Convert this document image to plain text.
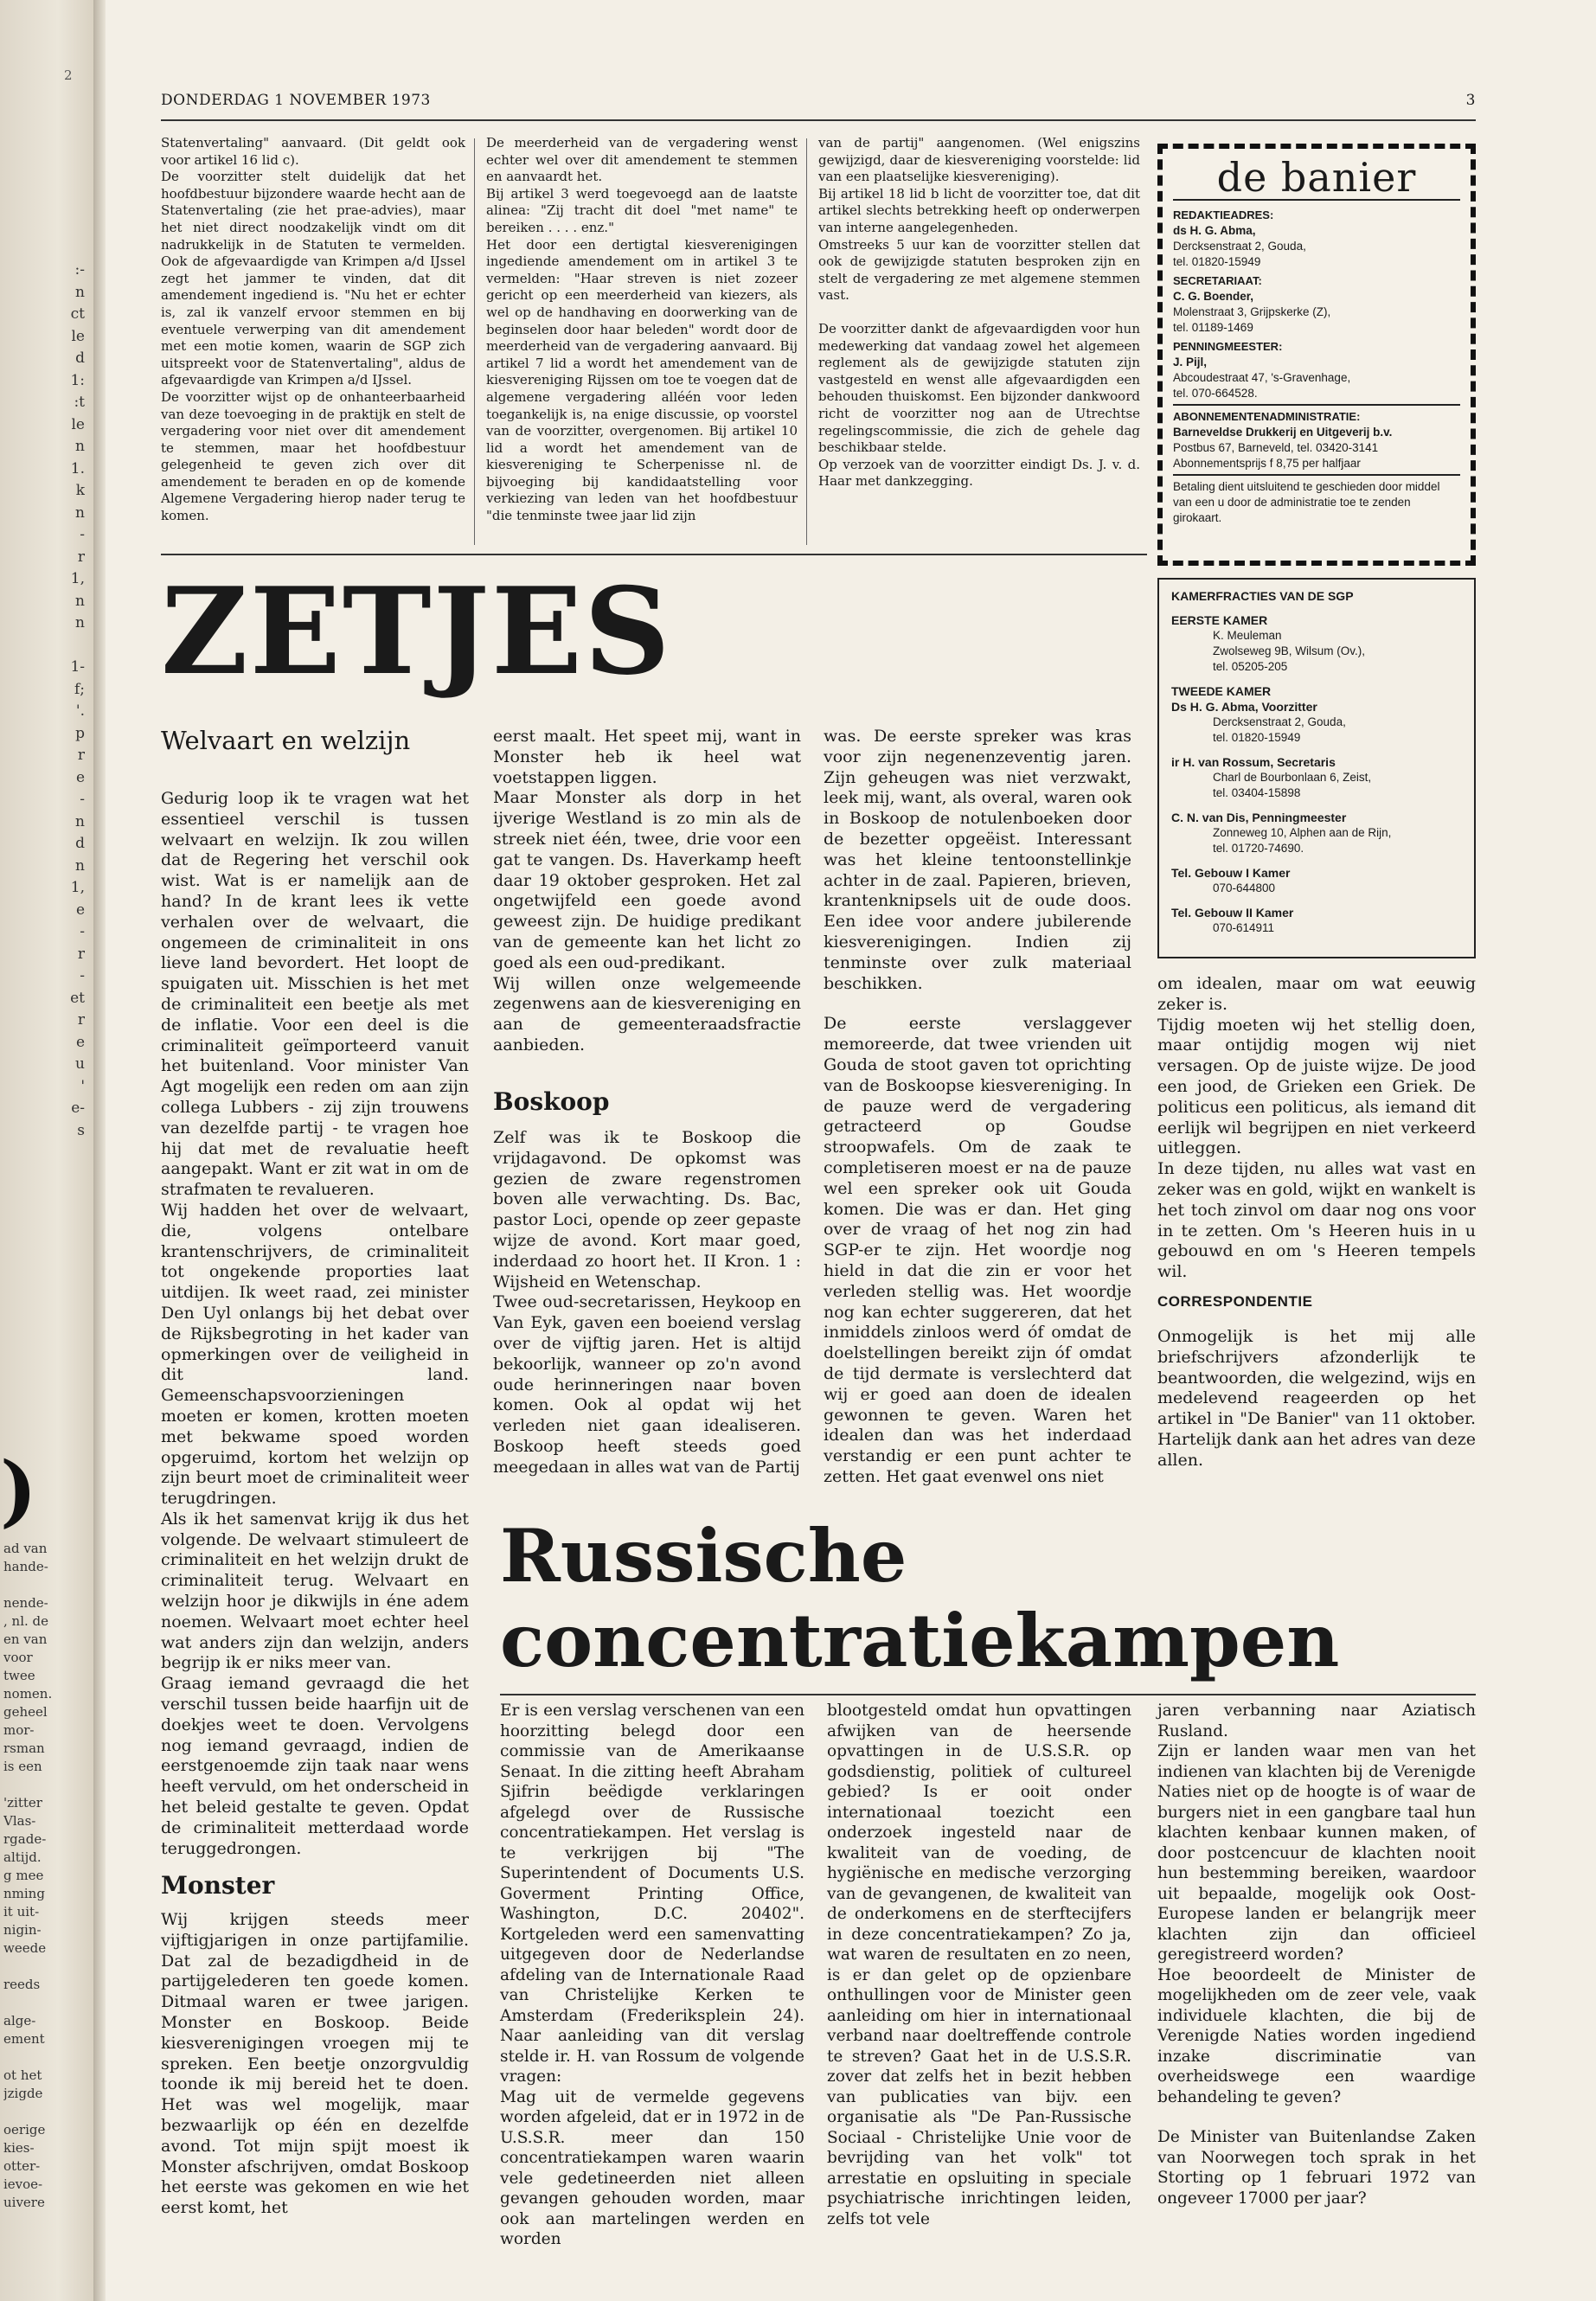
2
:-
n
ct
le
d
1:
:t
le
n
1.
k
n
-
r
1,
n
n

1-
f;
'.
p
r
e
-
n
d
n
1,
e
-
r
-
et
r
e
u
'
e-
s
)
ad van
hande-

nende-
, nl. de
en van
voor
twee
nomen.
geheel
mor-
rsman
is een

'zitter
Vlas-
rgade-
altijd.
g mee
nming
it uit-
nigin-
weede

reeds

alge-
ement

ot het
jzigde

oerige
kies-
otter-
ievoe-
uivere
DONDERDAG 1 NOVEMBER 1973	3

Statenvertaling" aanvaard. (Dit geldt ook voor artikel 16 lid c).

De voorzitter stelt duidelijk dat het hoofdbestuur bijzondere waarde hecht aan de Statenvertaling (zie het prae-advies), maar het niet direct noodzakelijk vindt om dit nadrukkelijk in de Statuten te vermelden. Ook de afgevaardigde van Krimpen a/d IJssel zegt het jammer te vinden, dat dit amendement ingediend is. "Nu het er echter is, zal ik vanzelf ervoor stemmen en bij eventuele verwerping van dit amendement met een motie komen, waarin de SGP zich uitspreekt voor de Statenvertaling", aldus de afgevaardigde van Krimpen a/d IJssel.

De voorzitter wijst op de onhanteerbaarheid van deze toevoeging in de praktijk en stelt de vergadering voor niet over dit amendement te stemmen, maar het hoofdbestuur gelegenheid te geven zich over dit amendement te beraden en op de komende Algemene Vergadering hierop nader terug te komen.

De meerderheid van de vergadering wenst echter wel over dit amendement te stemmen en aanvaardt het.

Bij artikel 3 werd toegevoegd aan de laatste alinea: "Zij tracht dit doel "met name" te bereiken . . . . enz."

Het door een dertigtal kiesverenigingen ingediende amendement om in artikel 3 te vermelden: "Haar streven is niet zozeer gericht op een meerderheid van kiezers, als wel op de handhaving en doorwerking van de beginselen door haar beleden" wordt door de meerderheid van de vergadering aanvaard. Bij artikel 7 lid a wordt het amendement van de kiesvereniging Rijssen om toe te voegen dat de algemene vergadering alléén voor leden toegankelijk is, na enige discussie, op voorstel van de voorzitter, overgenomen. Bij artikel 10 lid a wordt het amendement van de kiesvereniging te Scherpenisse nl. de bijvoeging bij kandidaatstelling voor verkiezing van leden van het hoofdbestuur "die tenminste twee jaar lid zijn

van de partij" aangenomen. (Wel enigszins gewijzigd, daar de kiesvereniging voorstelde: lid van een plaatselijke kiesvereniging).

Bij artikel 18 lid b licht de voorzitter toe, dat dit artikel slechts betrekking heeft op onderwerpen van interne aangelegenheden.

Omstreeks 5 uur kan de voorzitter stellen dat ook de gewijzigde statuten besproken zijn en stelt de vergadering ze met algemene stemmen vast.

De voorzitter dankt de afgevaardigden voor hun medewerking dat vandaag zowel het algemeen reglement als de gewijzigde statuten zijn vastgesteld en wenst alle afgevaardigden een behouden thuiskomst. Een bijzonder dankwoord richt de voorzitter nog aan de Utrechtse regelingscommissie, die zich de gehele dag beschikbaar stelde.

Op verzoek van de voorzitter eindigt Ds. J. v. d. Haar met dankzegging.

de banier
REDAKTIEADRES:
ds H. G. Abma,
Dercksenstraat 2, Gouda,
tel. 01820-15949
SECRETARIAAT:
C. G. Boender,
Molenstraat 3, Grijpskerke (Z),
tel. 01189-1469
PENNINGMEESTER:
J. Pijl,
Abcoudestraat 47, 's-Gravenhage,
tel. 070-664528.
ABONNEMENTENADMINISTRATIE:
Barneveldse Drukkerij en Uitgeverij b.v.
Postbus 67, Barneveld, tel. 03420-3141
Abonnementsprijs f 8,75 per halfjaar
Betaling dient uitsluitend te geschieden door middel van een u door de administratie toe te zenden girokaart.
KAMERFRACTIES VAN DE SGP
EERSTE KAMER
K. Meuleman
Zwolseweg 9B, Wilsum (Ov.),
tel. 05205-205
TWEEDE KAMER
Ds H. G. Abma, Voorzitter
Dercksenstraat 2, Gouda,
tel. 01820-15949
ir H. van Rossum, Secretaris
Charl de Bourbonlaan 6, Zeist,
tel. 03404-15898
C. N. van Dis, Penningmeester
Zonneweg 10, Alphen aan de Rijn,
tel. 01720-74690.
Tel. Gebouw I Kamer
070-644800
Tel. Gebouw II Kamer
070-614911
ZETJES
Welvaart en welzijn

Gedurig loop ik te vragen wat het essentieel verschil is tussen welvaart en welzijn. Ik zou willen dat de Regering het verschil ook wist. Wat is er namelijk aan de hand? In de krant lees ik vette verhalen over de welvaart, die ongemeen de criminaliteit in ons lieve land bevordert. Het loopt de spuigaten uit. Misschien is het met de criminaliteit een beetje als met de inflatie. Voor een deel is die criminaliteit geïmporteerd vanuit het buitenland. Voor minister Van Agt mogelijk een reden om aan zijn collega Lubbers - zij zijn trouwens van dezelfde partij - te vragen hoe hij dat met de revaluatie heeft aangepakt. Want er zit wat in om de strafmaten te revalueren.

Wij hadden het over de welvaart, die, volgens ontelbare krantenschrijvers, de criminaliteit tot ongekende proporties laat uitdijen. Ik weet raad, zei minister Den Uyl onlangs bij het debat over de Rijksbegroting in het kader van opmerkingen over de veiligheid in dit land. Gemeenschapsvoorzieningen moeten er komen, krotten moeten met bekwame spoed worden opgeruimd, kortom het welzijn op zijn beurt moet de criminaliteit weer terugdringen.

Als ik het samenvat krijg ik dus het volgende. De welvaart stimuleert de criminaliteit en het welzijn drukt de criminaliteit terug. Welvaart en welzijn hoor je dikwijls in éne adem noemen. Welvaart moet echter heel wat anders zijn dan welzijn, anders begrijp ik er niks meer van.

Graag iemand gevraagd die het verschil tussen beide haarfijn uit de doekjes weet te doen. Vervolgens nog iemand gevraagd, indien de eerstgenoemde zijn taak naar wens heeft vervuld, om het onderscheid in het beleid gestalte te geven. Opdat de criminaliteit metterdaad worde teruggedrongen.

Monster

Wij krijgen steeds meer vijftigjarigen in onze partijfamilie. Dat zal de bezadigdheid in de partijgelederen ten goede komen. Ditmaal waren er twee jarigen. Monster en Boskoop. Beide kiesverenigingen vroegen mij te spreken. Een beetje onzorgvuldig toonde ik mij bereid het te doen. Het was wel mogelijk, maar bezwaarlijk op één en dezelfde avond. Tot mijn spijt moest ik Monster afschrijven, omdat Boskoop het eerste was gekomen en wie het eerst komt, het

eerst maalt. Het speet mij, want in Monster heb ik heel wat voetstappen liggen.

Maar Monster als dorp in het ijverige Westland is zo min als de streek niet één, twee, drie voor een gat te vangen. Ds. Haverkamp heeft daar 19 oktober gesproken. Het zal ongetwijfeld een goede avond geweest zijn. De huidige predikant van de gemeente kan het licht zo goed als een oud-predikant.

Wij willen onze welgemeende zegenwens aan de kiesvereniging en aan de gemeenteraadsfractie aanbieden.

Boskoop

Zelf was ik te Boskoop die vrijdagavond. De opkomst was gezien de zware regenstromen boven alle verwachting. Ds. Bac, pastor Loci, opende op zeer gepaste wijze de avond. Kort maar goed, inderdaad zo hoort het. II Kron. 1 : Wijsheid en Wetenschap.

Twee oud-secretarissen, Heykoop en Van Eyk, gaven een boeiend verslag over de vijftig jaren. Het is altijd bekoorlijk, wanneer op zo'n avond oude herinneringen naar boven komen. Ook al opdat wij het verleden niet gaan idealiseren. Boskoop heeft steeds goed meegedaan in alles wat van de Partij

was. De eerste spreker was kras voor zijn negenenzeventig jaren. Zijn geheugen was niet verzwakt, leek mij, want, als overal, waren ook in Boskoop de notulenboeken door de bezetter opgeëist. Interessant was het kleine tentoonstellinkje achter in de zaal. Papieren, brieven, krantenknipsels uit de oude doos. Een idee voor andere jubilerende kiesverenigingen. Indien zij tenminste over zulk materiaal beschikken.

De eerste verslaggever memoreerde, dat twee vrienden uit Gouda de stoot gaven tot oprichting van de Boskoopse kiesvereniging. In de pauze werd de vergadering getracteerd op Goudse stroopwafels. Om de zaak te completiseren moest er na de pauze wel een spreker ook uit Gouda komen. Die was er dan. Het ging over de vraag of het nog zin had SGP-er te zijn. Het woordje nog hield in dat die zin er voor het verleden stellig was. Het woordje nog kan echter suggereren, dat het inmiddels zinloos werd óf omdat de doelstellingen bereikt zijn óf omdat de tijd dermate is verslechterd dat wij er goed aan doen de idealen gewonnen te geven. Waren het idealen dan was het inderdaad verstandig er een punt achter te zetten. Het gaat evenwel ons niet

om idealen, maar om wat eeuwig zeker is.

Tijdig moeten wij het stellig doen, maar ontijdig mogen wij niet versagen. Op de juiste wijze. De jood een jood, de Grieken een Griek. De politicus een politicus, als iemand dit eerlijk wil begrijpen en niet verkeerd uitleggen.

In deze tijden, nu alles wat vast en zeker was en gold, wijkt en wankelt is het toch zinvol om daar nog ons voor in te zetten. Om 's Heeren huis in u gebouwd en om 's Heeren tempels wil.

CORRESPONDENTIE

Onmogelijk is het mij alle briefschrijvers afzonderlijk te beantwoorden, die welgezind, wijs en medelevend reageerden op het artikel in "De Banier" van 11 oktober. Hartelijk dank aan het adres van deze allen.

Russische
concentratiekampen

Er is een verslag verschenen van een hoorzitting belegd door een commissie van de Amerikaanse Senaat. In die zitting heeft Abraham Sjifrin beëdigde verklaringen afgelegd over de Russische concentratiekampen. Het verslag is te verkrijgen bij "The Superintendent of Documents U.S. Goverment Printing Office, Washington, D.C. 20402". Kortgeleden werd een samenvatting uitgegeven door de Nederlandse afdeling van de Internationale Raad van Christelijke Kerken te Amsterdam (Frederiksplein 24). Naar aanleiding van dit verslag stelde ir. H. van Rossum de volgende vragen:

Mag uit de vermelde gegevens worden afgeleid, dat er in 1972 in de U.S.S.R. meer dan 150 concentratiekampen waren waarin vele gedetineerden niet alleen gevangen gehouden worden, maar ook aan martelingen werden en worden

blootgesteld omdat hun opvattingen afwijken van de heersende opvattingen in de U.S.S.R. op godsdienstig, politiek of cultureel gebied? Is er ooit onder internationaal toezicht een onderzoek ingesteld naar de kwaliteit van de voeding, de hygiënische en medische verzorging van de gevangenen, de kwaliteit van de onderkomens en de sterftecijfers in deze concentratiekampen? Zo ja, wat waren de resultaten en zo neen, is er dan gelet op de opzienbare onthullingen voor de Minister geen aanleiding om hier in internationaal verband naar doeltreffende controle te streven? Gaat het in de U.S.S.R. zover dat zelfs het in bezit hebben van publicaties van bijv. een organisatie als "De Pan-Russische Sociaal - Christelijke Unie voor de bevrijding van het volk" tot arrestatie en opsluiting in speciale psychiatrische inrichtingen leiden, zelfs tot vele

jaren verbanning naar Aziatisch Rusland.

Zijn er landen waar men van het indienen van klachten bij de Verenigde Naties niet op de hoogte is of waar de burgers niet in een gangbare taal hun klachten kenbaar kunnen maken, of door postcencuur de klachten nooit hun bestemming bereiken, waardoor uit bepaalde, mogelijk ook Oost-Europese landen er belangrijk meer klachten zijn dan officieel geregistreerd worden?

Hoe beoordeelt de Minister de mogelijkheden om de zeer vele, vaak individuele klachten, die bij de Verenigde Naties worden ingediend inzake discriminatie van overheidswege een waardige behandeling te geven?

De Minister van Buitenlandse Zaken van Noorwegen toch sprak in het Storting op 1 februari 1972 van ongeveer 17000 per jaar?
